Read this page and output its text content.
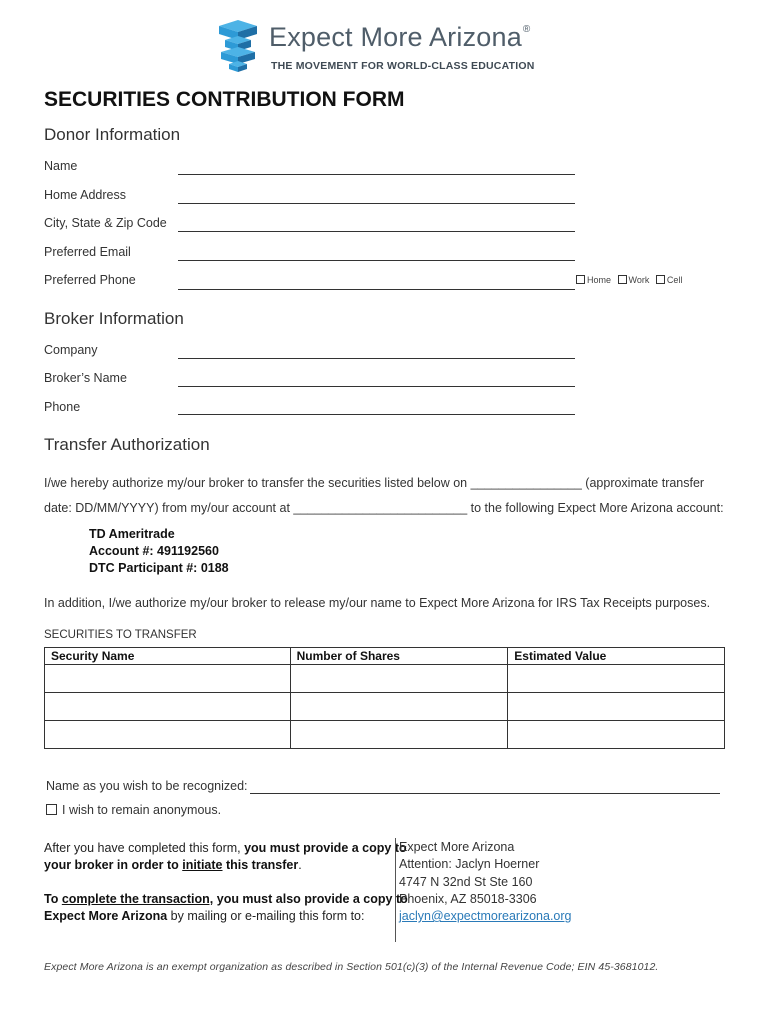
Expect More Arizona®
THE MOVEMENT FOR WORLD-CLASS EDUCATION
SECURITIES CONTRIBUTION FORM
Donor Information
Name
Home Address
City, State & Zip Code
Preferred Email
Preferred Phone	Home Work Cell
Broker Information
Company
Broker’s Name
Phone
Transfer Authorization
I/we hereby authorize my/our broker to transfer the securities listed below on ________________ (approximate transfer
date: DD/MM/YYYY) from my/our account at _________________________ to the following Expect More Arizona account:
TD Ameritrade
Account #: 491192560
DTC Participant #: 0188
In addition, I/we authorize my/our broker to release my/our name to Expect More Arizona for IRS Tax Receipts purposes.
SECURITIES TO TRANSFER
Security Name	Number of Shares	Estimated Value

Name as you wish to be recognized:
I wish to remain anonymous.
After you have completed this form, you must provide a copy to
your broker in order to initiate this transfer.
To complete the transaction, you must also provide a copy to
Expect More Arizona by mailing or e-mailing this form to:
Expect More Arizona
Attention: Jaclyn Hoerner
4747 N 32nd St Ste 160
Phoenix, AZ 85018-3306
jaclyn@expectmorearizona.org
Expect More Arizona is an exempt organization as described in Section 501(c)(3) of the Internal Revenue Code; EIN 45-3681012.
